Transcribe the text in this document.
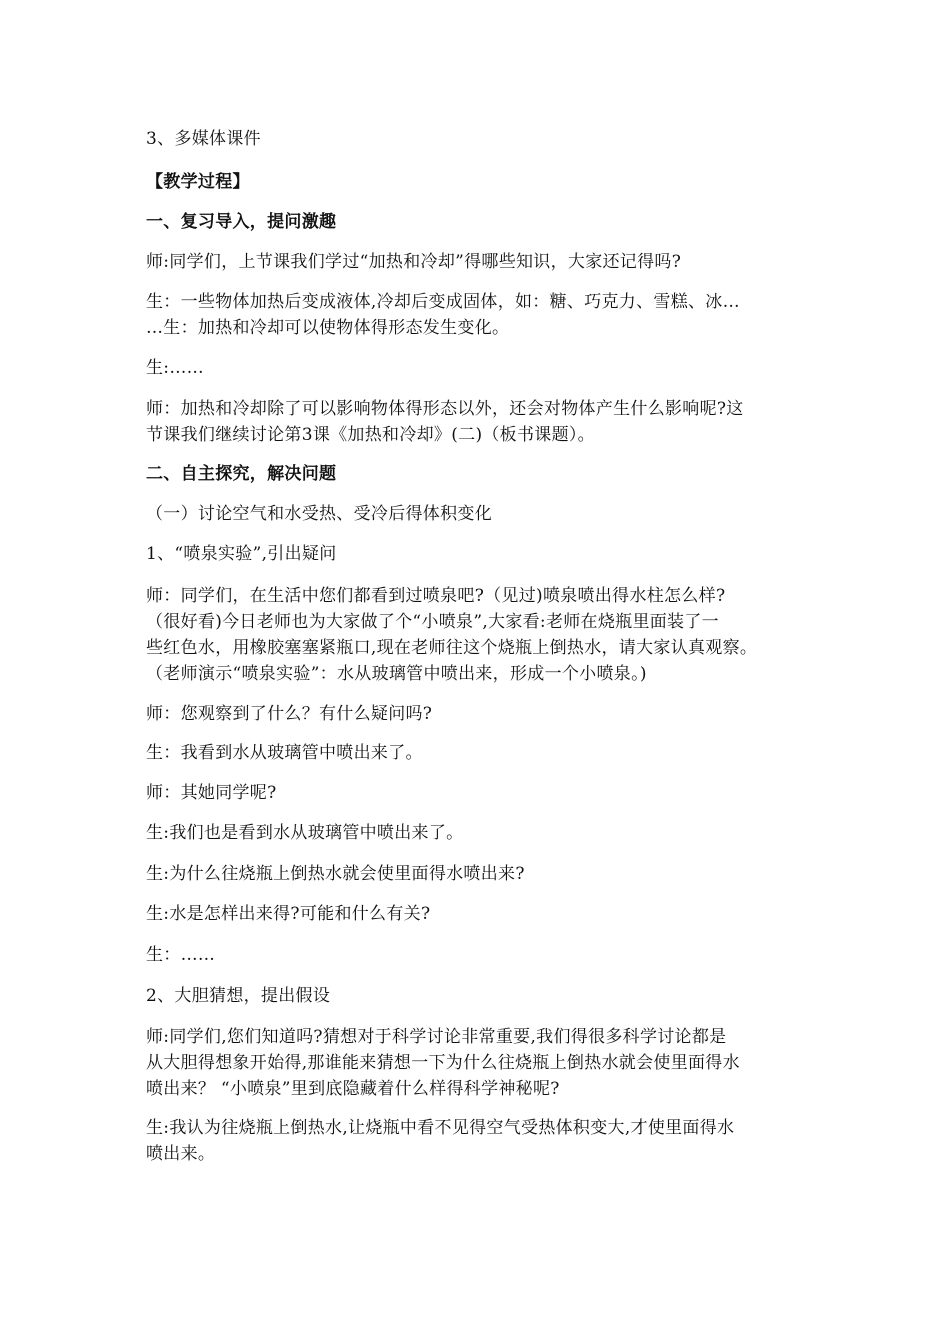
3、多媒体课件
【教学过程】
一、复习导入，提问激趣
师:同学们，上节课我们学过“加热和冷却”得哪些知识，大家还记得吗?
生：一些物体加热后变成液体,冷却后变成固体，如：糖、巧克力、雪糕、冰…
…生：加热和冷却可以使物体得形态发生变化。
生:……
师：加热和冷却除了可以影响物体得形态以外，还会对物体产生什么影响呢?这
节课我们继续讨论第3课《加热和冷却》(二)（板书课题）。
二、自主探究，解决问题
（一）讨论空气和水受热、受冷后得体积变化
1、“喷泉实验”,引出疑问
师：同学们，在生活中您们都看到过喷泉吧?（见过)喷泉喷出得水柱怎么样?
（很好看)今日老师也为大家做了个“小喷泉”,大家看:老师在烧瓶里面装了一
些红色水，用橡胶塞塞紧瓶口,现在老师往这个烧瓶上倒热水，请大家认真观察。
（老师演示“喷泉实验”：水从玻璃管中喷出来，形成一个小喷泉。)
师：您观察到了什么？有什么疑问吗?
生：我看到水从玻璃管中喷出来了。
师：其她同学呢?
生:我们也是看到水从玻璃管中喷出来了。
生:为什么往烧瓶上倒热水就会使里面得水喷出来?
生:水是怎样出来得?可能和什么有关?
生：……
2、大胆猜想，提出假设
师:同学们,您们知道吗?猜想对于科学讨论非常重要,我们得很多科学讨论都是
从大胆得想象开始得,那谁能来猜想一下为什么往烧瓶上倒热水就会使里面得水
喷出来？ “小喷泉”里到底隐藏着什么样得科学神秘呢?
生:我认为往烧瓶上倒热水,让烧瓶中看不见得空气受热体积变大,才使里面得水
喷出来。
